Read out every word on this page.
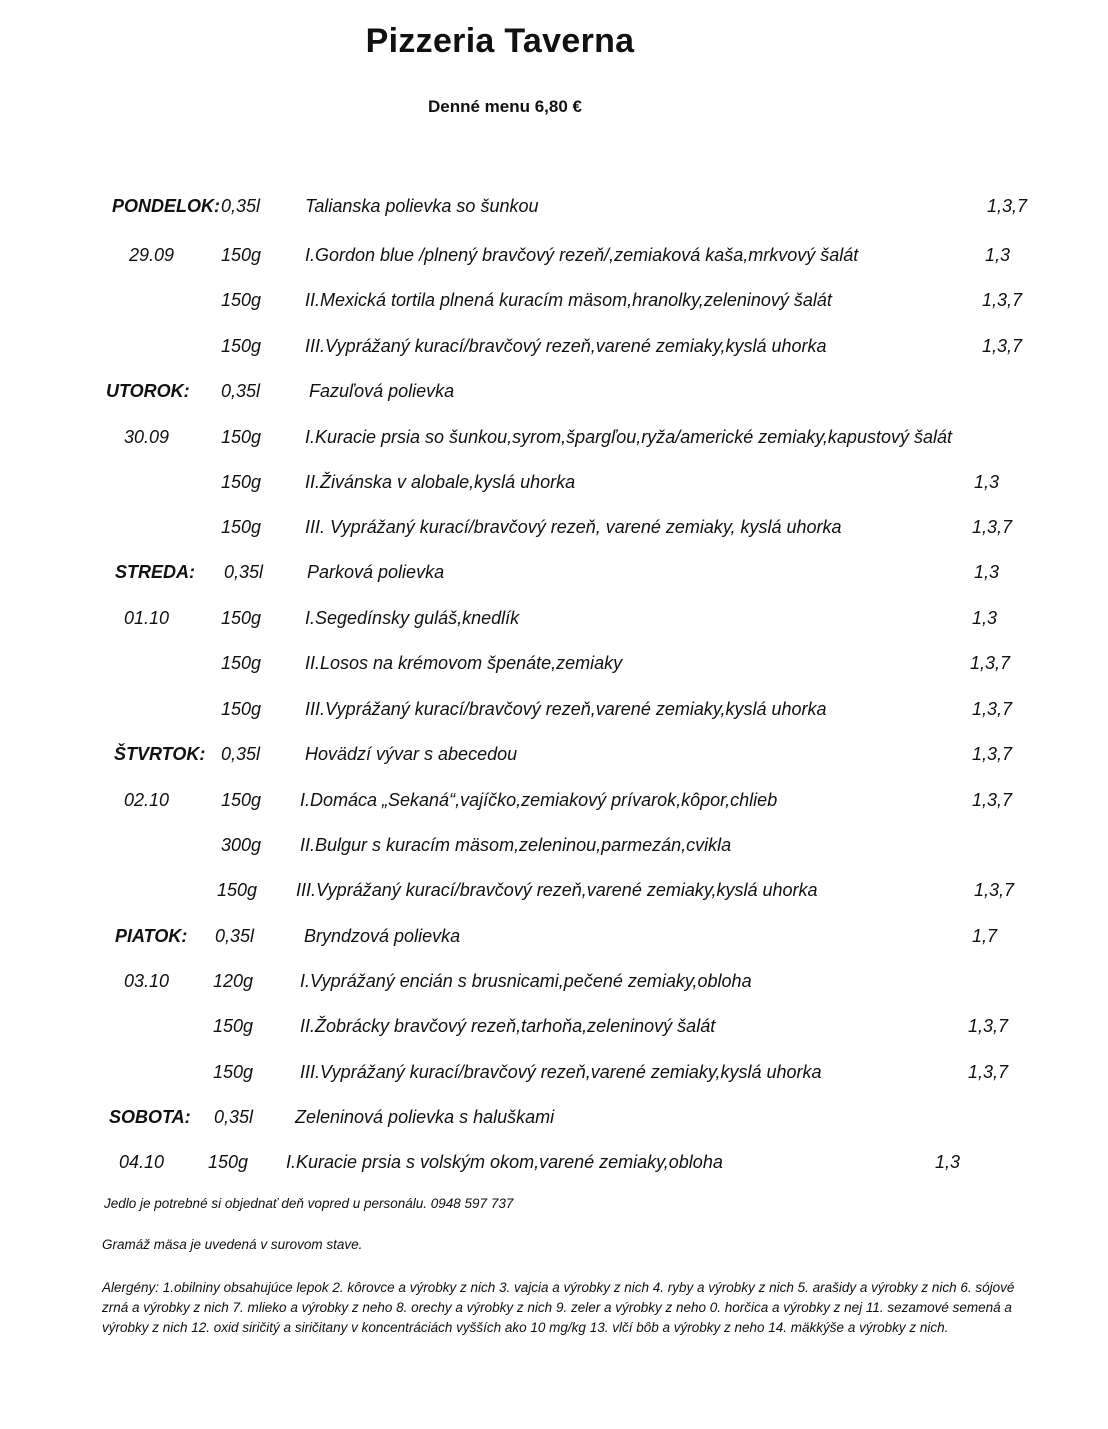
Pizzeria Taverna
Denné menu 6,80 €
PONDELOK: 0,35l Talianska polievka so šunkou	1,3,7
29.09	150g I.Gordon blue /plnený bravčový rezeň/,zemiaková kaša,mrkvový šalát	1,3
150g II.Mexická tortila plnená kuracím mäsom,hranolky,zeleninový šalát	1,3,7
150g III.Vyprážaný kurací/bravčový rezeň,varené zemiaky,kyslá uhorka	1,3,7
UTOROK:	0,35l	Fazuľová polievka
30.09	150g I.Kuracie prsia so šunkou,syrom,špargľou,ryža/americké zemiaky,kapustový šalát
150g II.Živánska v alobale,kyslá uhorka	1,3
150g III. Vyprážaný kurací/bravčový rezeň, varené zemiaky, kyslá uhorka	1,3,7
STREDA:	0,35l Parková polievka	1,3
01.10	150g I.Segedínsky guláš,knedlík	1,3
150g II.Losos na krémovom špenáte,zemiaky	1,3,7
150g III.Vyprážaný kurací/bravčový rezeň,varené zemiaky,kyslá uhorka	1,3,7
ŠTVRTOK: 0,35l Hovädzí vývar s abecedou	1,3,7
02.10	150g I.Domáca „Sekaná“,vajíčko,zemiakový prívarok,kôpor,chlieb	1,3,7
300g II.Bulgur s kuracím mäsom,zeleninou,parmezán,cvikla
150g III.Vyprážaný kurací/bravčový rezeň,varené zemiaky,kyslá uhorka	1,3,7
PIATOK:	0,35l	Bryndzová polievka	1,7
03.10	120g	I.Vyprážaný encián s brusnicami,pečené zemiaky,obloha
150g	II.Žobrácky bravčový rezeň,tarhoňa,zeleninový šalát	1,3,7
150g	III.Vyprážaný kurací/bravčový rezeň,varené zemiaky,kyslá uhorka	1,3,7
SOBOTA:	0,35l Zeleninová polievka s haluškami
04.10	150g I.Kuracie prsia s volským okom,varené zemiaky,obloha	1,3
Jedlo je potrebné si objednať deň vopred u personálu. 0948 597 737
Gramáž mäsa je uvedená v surovom stave.
Alergény: 1.obilniny obsahujúce lepok 2. kôrovce a výrobky z nich 3. vajcia a výrobky z nich 4. ryby a výrobky z nich 5. arašidy a výrobky z nich 6. sójové zrná a výrobky z nich 7. mlieko a výrobky z neho 8. orechy a výrobky z nich 9. zeler a výrobky z neho 0. horčica a výrobky z nej 11. sezamové semená a výrobky z nich 12. oxid siričitý a siričitany v koncentráciách vyšších ako 10 mg/kg 13. vlčí bôb a výrobky z neho 14. mäkkýše a výrobky z nich.
